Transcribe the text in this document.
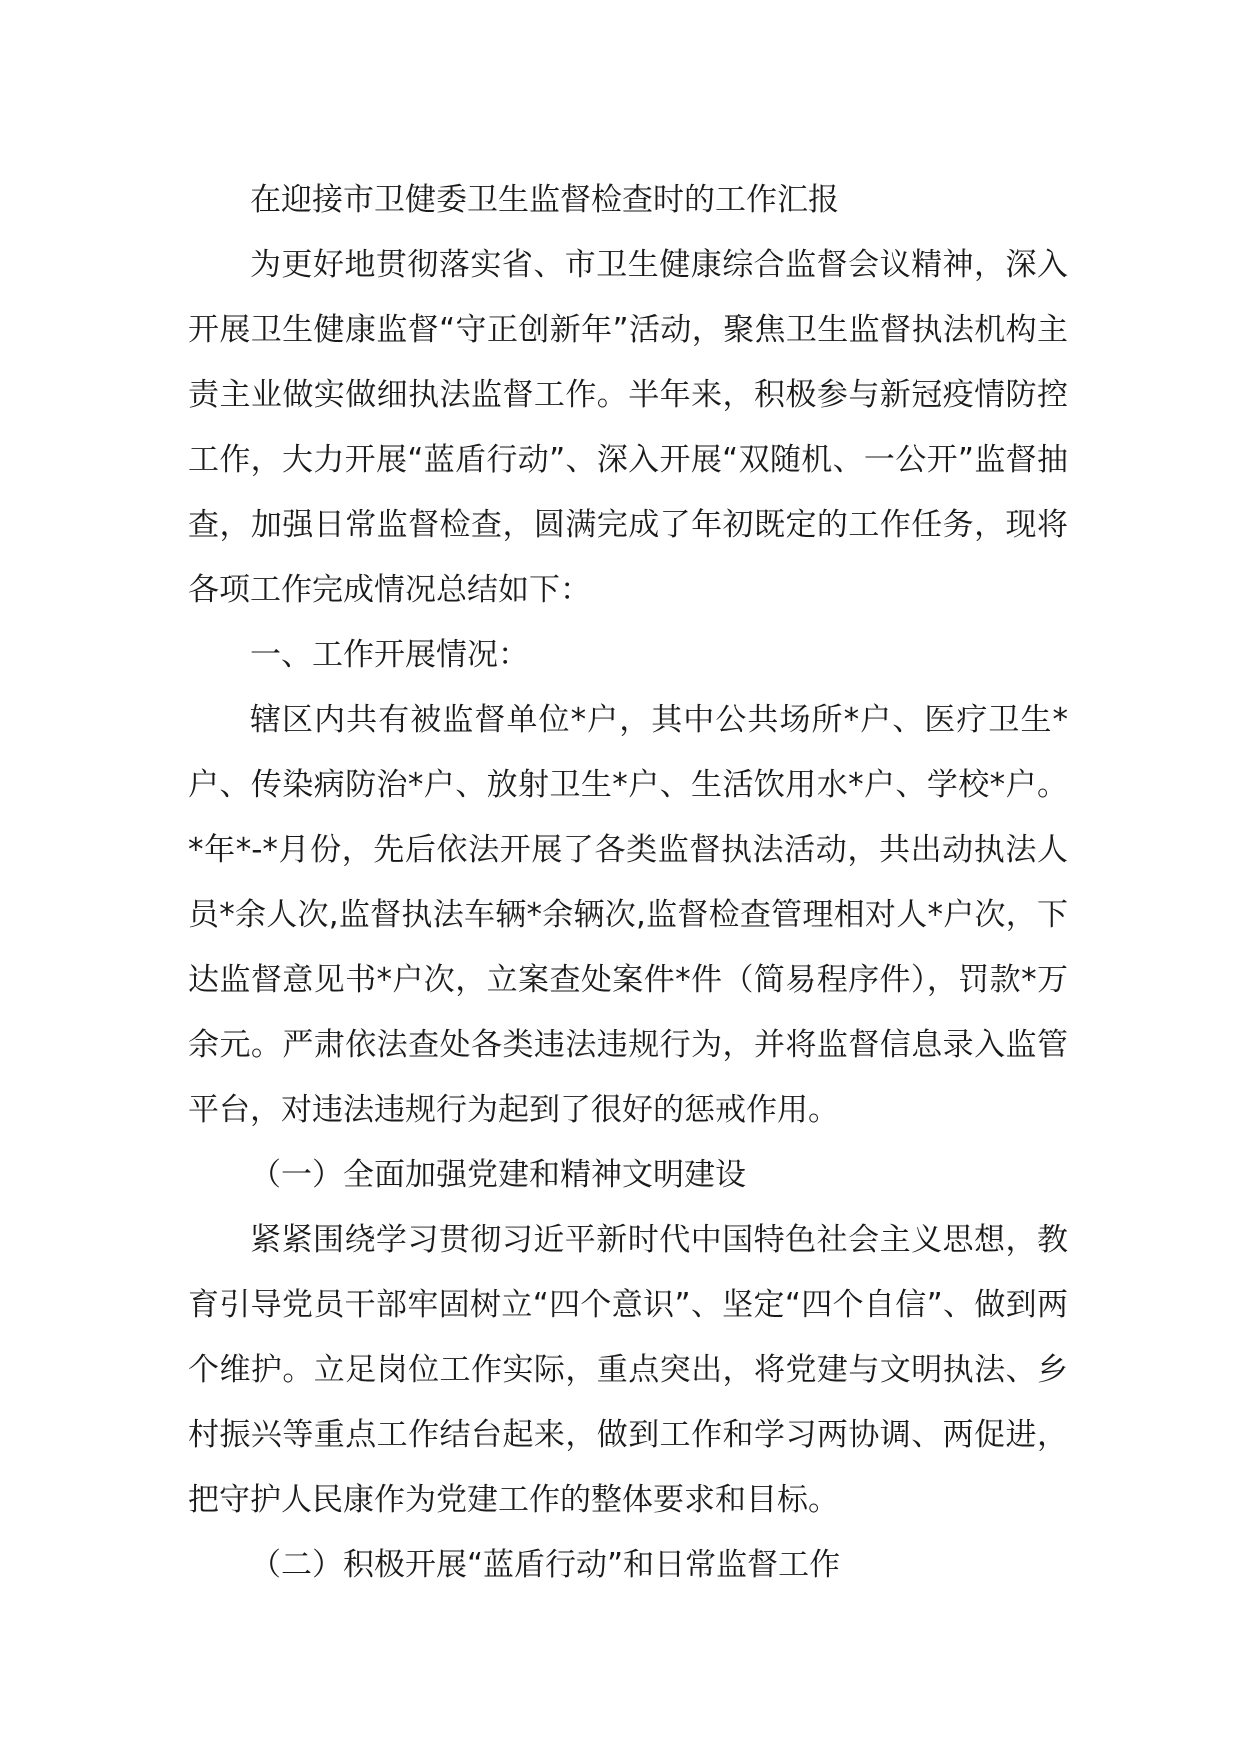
在迎接市卫健委卫生监督检查时的工作汇报

为更好地贯彻落实省、市卫生健康综合监督会议精神，深入开展卫生健康监督“守正创新年”活动，聚焦卫生监督执法机构主责主业做实做细执法监督工作。半年来，积极参与新冠疫情防控工作，大力开展“蓝盾行动”、深入开展“双随机、一公开”监督抽查，加强日常监督检查，圆满完成了年初既定的工作任务，现将各项工作完成情况总结如下：

一、工作开展情况：

辖区内共有被监督单位*户，其中公共场所*户、医疗卫生*户、传染病防治*户、放射卫生*户、生活饮用水*户、学校*户。*年*-*月份，先后依法开展了各类监督执法活动，共出动执法人员*余人次,监督执法车辆*余辆次,监督检查管理相对人*户次，下达监督意见书*户次，立案查处案件*件（简易程序件），罚款*万余元。严肃依法查处各类违法违规行为，并将监督信息录入监管平台，对违法违规行为起到了很好的惩戒作用。

（一）全面加强党建和精神文明建设

紧紧围绕学习贯彻习近平新时代中国特色社会主义思想，教育引导党员干部牢固树立“四个意识”、坚定“四个自信”、做到两个维护。立足岗位工作实际，重点突出，将党建与文明执法、乡村振兴等重点工作结台起来，做到工作和学习两协调、两促进，把守护人民康作为党建工作的整体要求和目标。

（二）积极开展“蓝盾行动”和日常监督工作
